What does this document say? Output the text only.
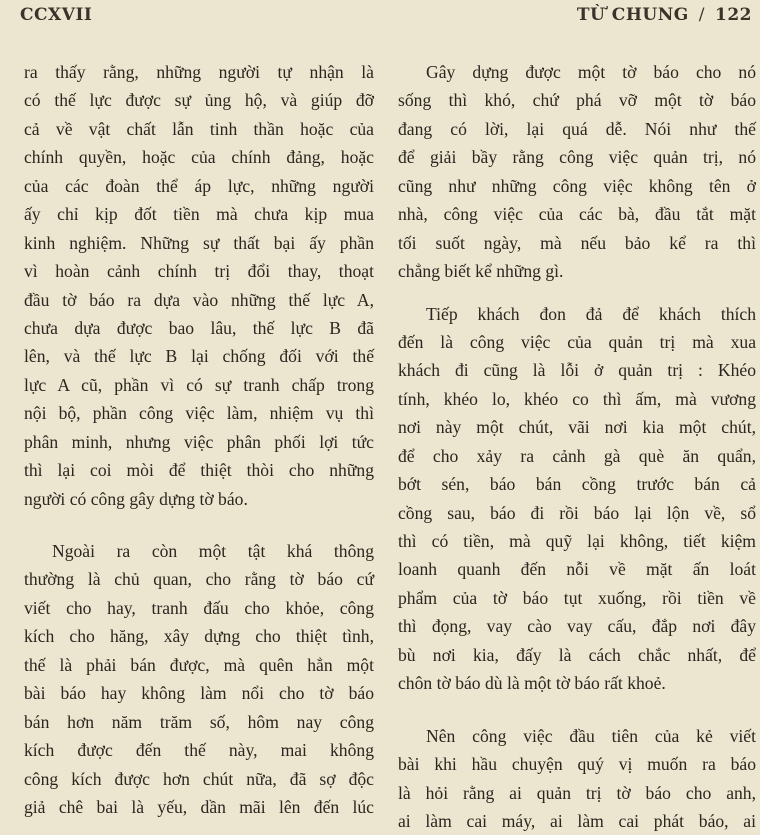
CCXVII	TỪ CHUNG / 122
ra thấy rằng, những người tự nhận là
có thế lực được sự ủng hộ, và giúp đỡ
cả về vật chất lẫn tinh thần hoặc của
chính quyền, hoặc của chính đảng, hoặc
của các đoàn thể áp lực, những người
ấy chỉ kịp đốt tiền mà chưa kịp mua
kinh nghiệm. Những sự thất bại ấy phần
vì hoàn cảnh chính trị đổi thay, thoạt
đầu tờ báo ra dựa vào những thế lực A,
chưa dựa được bao lâu, thế lực B đã
lên, và thế lực B lại chống đối với thế
lực A cũ, phần vì có sự tranh chấp trong
nội bộ, phần công việc làm, nhiệm vụ thì
phân minh, nhưng việc phân phối lợi tức
thì lại coi mòi để thiệt thòi cho những
người có công gây dựng tờ báo.
Ngoài ra còn một tật khá thông
thường là chủ quan, cho rằng tờ báo cứ
viết cho hay, tranh đấu cho khỏe, công
kích cho hăng, xây dựng cho thiệt tình,
thế là phải bán được, mà quên hẳn một
bài báo hay không làm nổi cho tờ báo
bán hơn năm trăm số, hôm nay công
kích được đến thế này, mai không
công kích được hơn chút nữa, đã sợ độc
giả chê bai là yếu, dần mãi lên đến lúc
Gây dựng được một tờ báo cho nó
sống thì khó, chứ phá vỡ một tờ báo
đang có lời, lại quá dễ. Nói như thế
để giải bầy rằng công việc quản trị, nó
cũng như những công việc không tên ở
nhà, công việc của các bà, đầu tắt mặt
tối suốt ngày, mà nếu bảo kể ra thì
chẳng biết kể những gì.
Tiếp khách đon đả để khách thích
đến là công việc của quản trị mà xua
khách đi cũng là lỗi ở quản trị : Khéo
tính, khéo lo, khéo co thì ấm, mà vương
nơi này một chút, vãi nơi kia một chút,
để cho xảy ra cảnh gà què ăn quẩn,
bớt sén, báo bán cồng trước bán cả
cồng sau, báo đi rồi báo lại lộn về, sổ
thì có tiền, mà quỹ lại không, tiết kiệm
loanh quanh đến nỗi về mặt ấn loát
phẩm của tờ báo tụt xuống, rồi tiền về
thì đọng, vay cào vay cấu, đắp nơi đây
bù nơi kia, đấy là cách chắc nhất, để
chôn tờ báo dù là một tờ báo rất khoẻ.
Nên công việc đầu tiên của kẻ viết
bài khi hầu chuyện quý vị muốn ra báo
là hỏi rằng ai quản trị tờ báo cho anh,
ai làm cai máy, ai làm cai phát báo, ai
